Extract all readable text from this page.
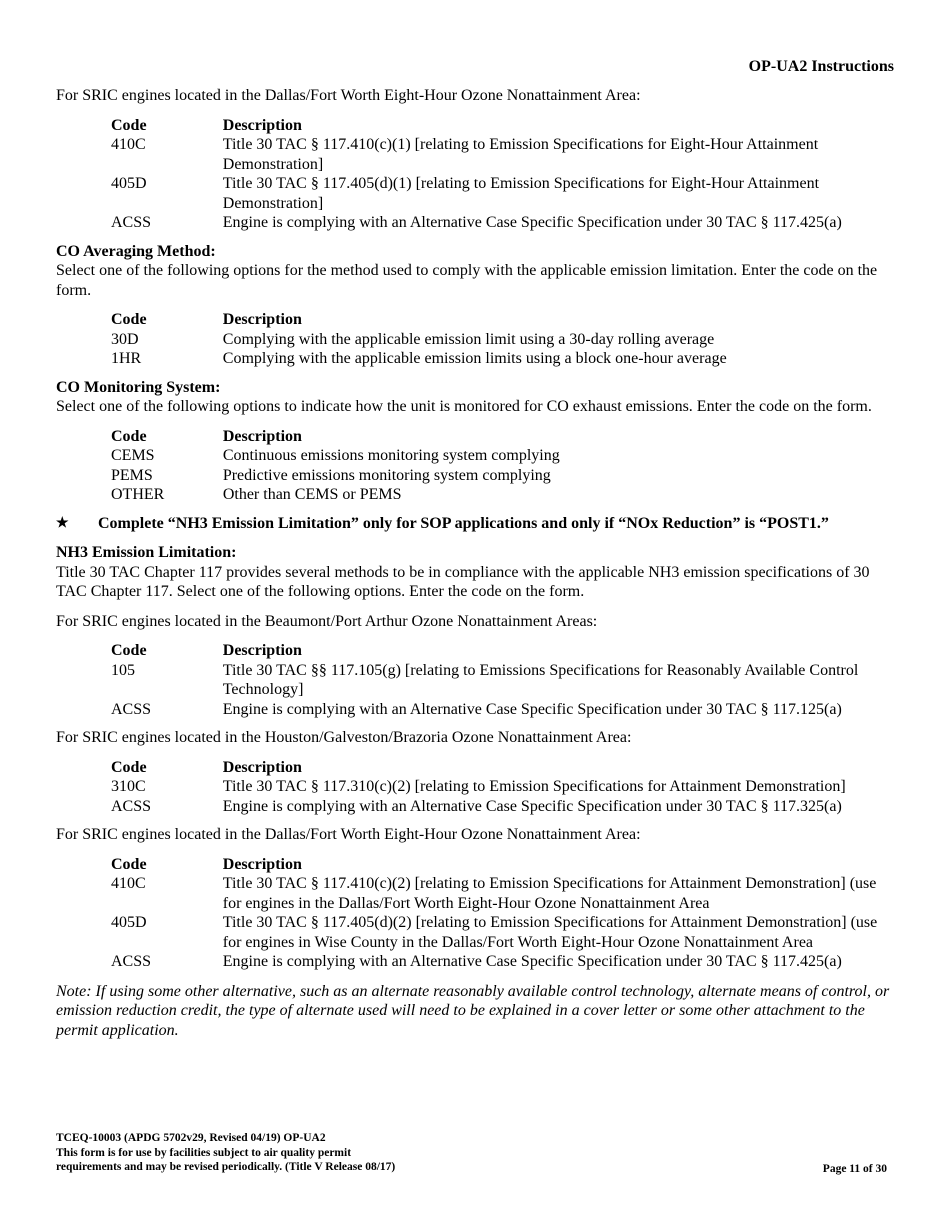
OP-UA2 Instructions

For SRIC engines located in the Dallas/Fort Worth Eight-Hour Ozone Nonattainment Area:

Code	Description
410C	Title 30 TAC § 117.410(c)(1) [relating to Emission Specifications for Eight-Hour Attainment Demonstration]
405D	Title 30 TAC § 117.405(d)(1) [relating to Emission Specifications for Eight-Hour Attainment Demonstration]
ACSS	Engine is complying with an Alternative Case Specific Specification under 30 TAC § 117.425(a)
CO Averaging Method:

Select one of the following options for the method used to comply with the applicable emission limitation. Enter the code on the form.

Code	Description
30D	Complying with the applicable emission limit using a 30-day rolling average
1HR	Complying with the applicable emission limits using a block one-hour average
CO Monitoring System:

Select one of the following options to indicate how the unit is monitored for CO exhaust emissions. Enter the code on the form.

Code	Description
CEMS	Continuous emissions monitoring system complying
PEMS	Predictive emissions monitoring system complying
OTHER	Other than CEMS or PEMS
★	Complete “NH3 Emission Limitation” only for SOP applications and only if “NOx Reduction” is “POST1.”
NH3 Emission Limitation:

Title 30 TAC Chapter 117 provides several methods to be in compliance with the applicable NH3 emission specifications of 30 TAC Chapter 117. Select one of the following options. Enter the code on the form.

For SRIC engines located in the Beaumont/Port Arthur Ozone Nonattainment Areas:

Code	Description
105	Title 30 TAC §§ 117.105(g) [relating to Emissions Specifications for Reasonably Available Control Technology]
ACSS	Engine is complying with an Alternative Case Specific Specification under 30 TAC § 117.125(a)

For SRIC engines located in the Houston/Galveston/Brazoria Ozone Nonattainment Area:

Code	Description
310C	Title 30 TAC § 117.310(c)(2) [relating to Emission Specifications for Attainment Demonstration]
ACSS	Engine is complying with an Alternative Case Specific Specification under 30 TAC § 117.325(a)

For SRIC engines located in the Dallas/Fort Worth Eight-Hour Ozone Nonattainment Area:

Code	Description
410C	Title 30 TAC § 117.410(c)(2) [relating to Emission Specifications for Attainment Demonstration] (use for engines in the Dallas/Fort Worth Eight-Hour Ozone Nonattainment Area
405D	Title 30 TAC § 117.405(d)(2) [relating to Emission Specifications for Attainment Demonstration] (use for engines in Wise County in the Dallas/Fort Worth Eight-Hour Ozone Nonattainment Area
ACSS	Engine is complying with an Alternative Case Specific Specification under 30 TAC § 117.425(a)

Note: If using some other alternative, such as an alternate reasonably available control technology, alternate means of control, or emission reduction credit, the type of alternate used will need to be explained in a cover letter or some other attachment to the permit application.

TCEQ-10003 (APDG 5702v29, Revised 04/19) OP-UA2
This form is for use by facilities subject to air quality permit
requirements and may be revised periodically. (Title V Release 08/17)	Page 11 of 30
